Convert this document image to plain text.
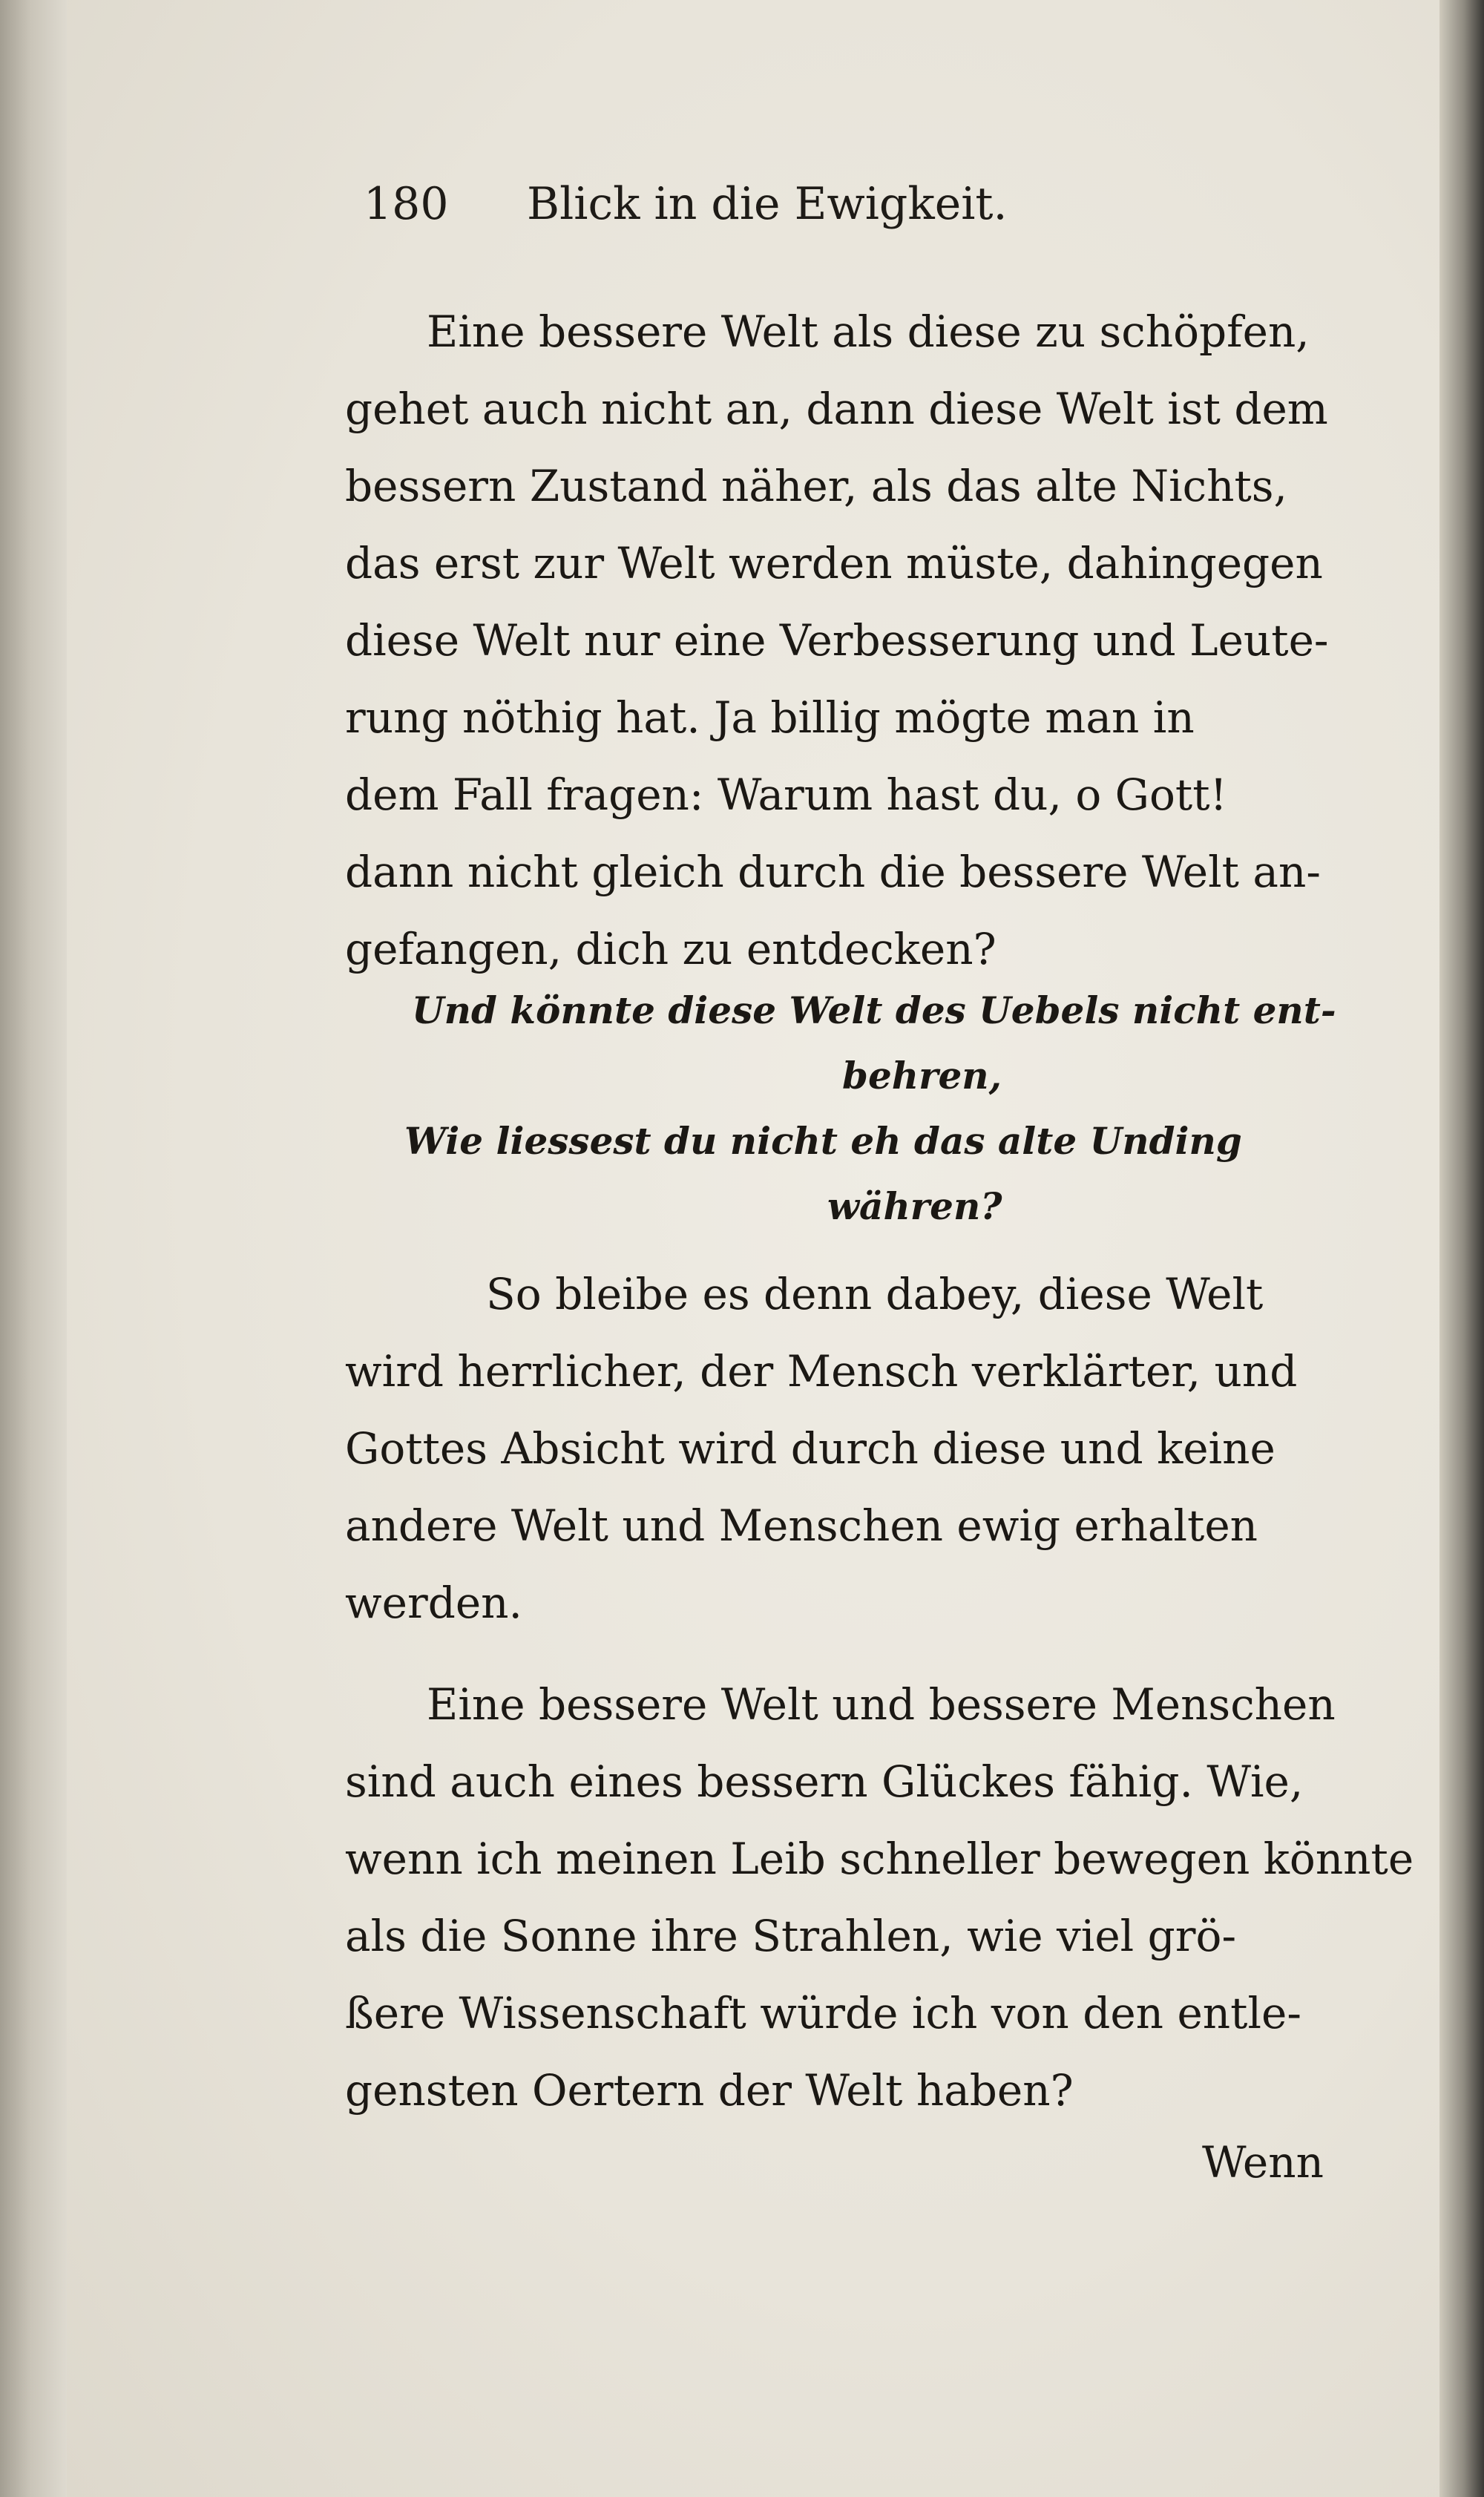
180 Blick in die Ewigkeit.
Eine bessere Welt als diese zu schöpfen,
gehet auch nicht an, dann diese Welt ist dem
bessern Zustand näher, als das alte Nichts,
das erst zur Welt werden müste, dahingegen
diese Welt nur eine Verbesserung und Leute-
rung nöthig hat. Ja billig mögte man in
dem Fall fragen: Warum hast du, o Gott!
dann nicht gleich durch die bessere Welt an-
gefangen, dich zu entdecken?
Und könnte diese Welt des Uebels nicht ent-
behren,
Wie liessest du nicht eh das alte Unding
währen?
So bleibe es denn dabey, diese Welt
wird herrlicher, der Mensch verklärter, und
Gottes Absicht wird durch diese und keine
andere Welt und Menschen ewig erhalten
werden.
Eine bessere Welt und bessere Menschen
sind auch eines bessern Glückes fähig. Wie,
wenn ich meinen Leib schneller bewegen könnte
als die Sonne ihre Strahlen, wie viel grö-
ßere Wissenschaft würde ich von den entle-
gensten Oertern der Welt haben?
Wenn
